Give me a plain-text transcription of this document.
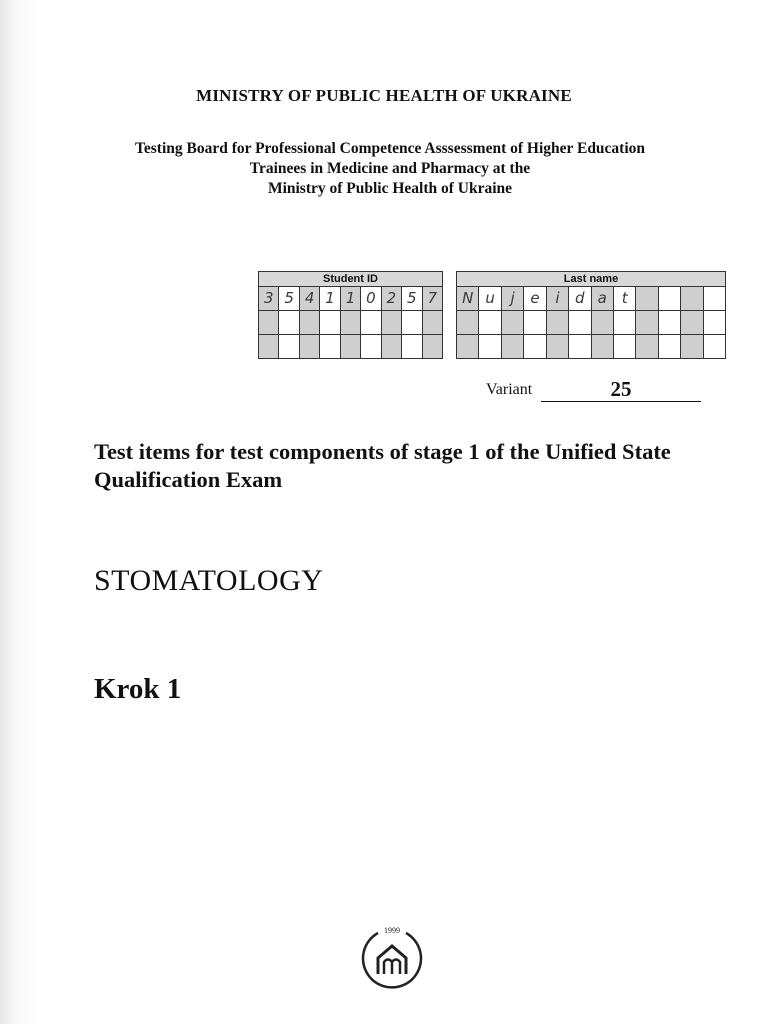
MINISTRY OF PUBLIC HEALTH OF UKRAINE
Testing Board for Professional Competence Asssessment of Higher Education
Trainees in Medicine and Pharmacy at the
Ministry of Public Health of Ukraine
Student ID
3 5 4 1 1 0 2 5 7
Last name
N u	j	e	i	d a t
Variant	25
Test items for test components of stage 1 of the Unified State Qualification Exam
STOMATOLOGY
Krok 1
1999
